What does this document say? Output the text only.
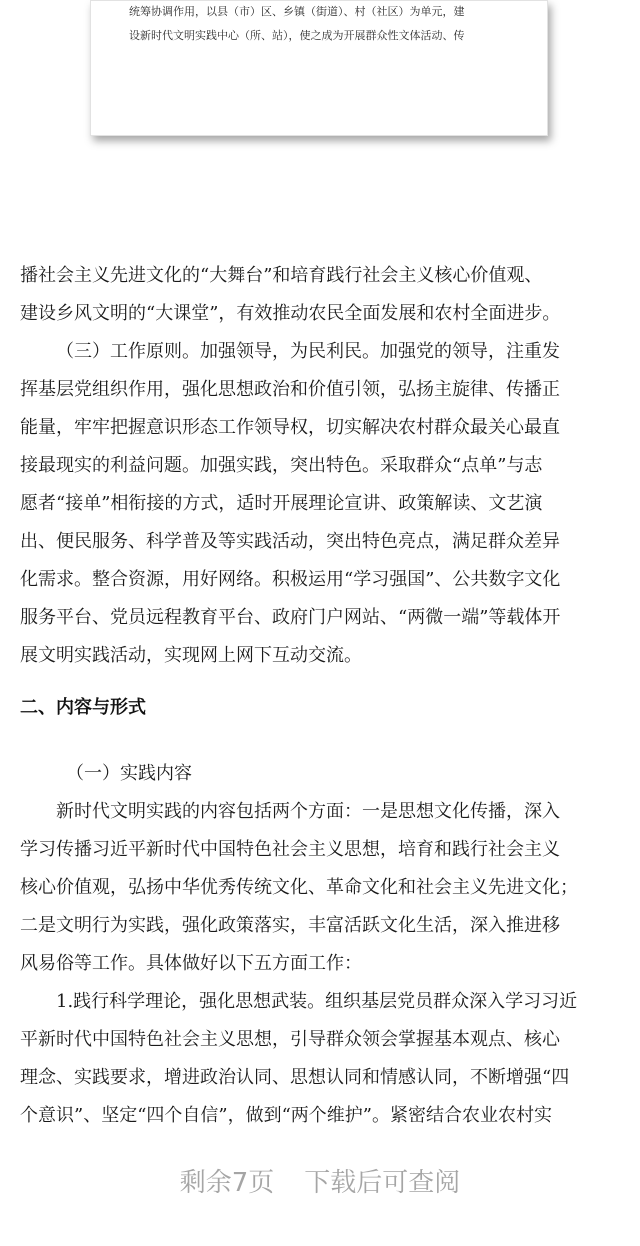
统筹协调作用，以县（市）区、乡镇（街道）、村（社区）为单元，建
设新时代文明实践中心（所、站），使之成为开展群众性文体活动、传
播社会主义先进文化的“大舞台”和培育践行社会主义核心价值观、
建设乡风文明的“大课堂”，有效推动农民全面发展和农村全面进步。
（三）工作原则。加强领导，为民利民。加强党的领导，注重发
挥基层党组织作用，强化思想政治和价值引领，弘扬主旋律、传播正
能量，牢牢把握意识形态工作领导权，切实解决农村群众最关心最直
接最现实的利益问题。加强实践，突出特色。采取群众“点单”与志
愿者“接单”相衔接的方式，适时开展理论宣讲、政策解读、文艺演
出、便民服务、科学普及等实践活动，突出特色亮点，满足群众差异
化需求。整合资源，用好网络。积极运用“学习强国”、公共数字文化
服务平台、党员远程教育平台、政府门户网站、“两微一端”等载体开
展文明实践活动，实现网上网下互动交流。
二、内容与形式
（一）实践内容
新时代文明实践的内容包括两个方面：一是思想文化传播，深入
学习传播习近平新时代中国特色社会主义思想，培育和践行社会主义
核心价值观，弘扬中华优秀传统文化、革命文化和社会主义先进文化；
二是文明行为实践，强化政策落实，丰富活跃文化生活，深入推进移
风易俗等工作。具体做好以下五方面工作：
1.践行科学理论，强化思想武装。组织基层党员群众深入学习习近
平新时代中国特色社会主义思想，引导群众领会掌握基本观点、核心
理念、实践要求，增进政治认同、思想认同和情感认同，不断增强“四
个意识”、坚定“四个自信”，做到“两个维护”。紧密结合农业农村实
剩余7页 下载后可查阅
